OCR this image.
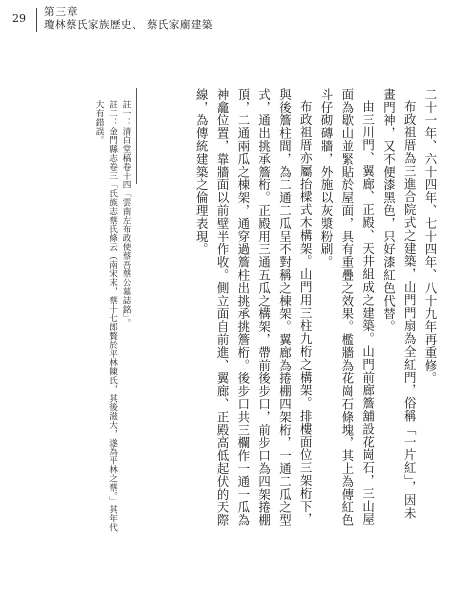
29	第三章
瓊林蔡氏家族歷史、 蔡氏家廟建築

二十一年、六十四年、七十四年、八十九年再重修。

布政祖厝為三進合院式之建築，山門門扇為全紅門，俗稱「一片紅」，因未畫門神，又不便漆黑色，只好漆紅色代替。

由三川門、翼廊、正殿、天井組成之建築。山門前廊簷舖設花崗石，三山屋面為歇山並緊貼於屋面，具有重疊之效果。檻牆為花崗石條塊，其上為傳紅色斗仔砌磚牆，外施以灰漿粉刷。

布政祖厝亦屬抬樑式木構架。山門用三柱九桁之構架。排樓面位三架桁下，與後簷柱間，為二通二瓜呈不對稱之棟架。翼廊為捲棚四架桁，一通二瓜之型式，通出挑承簷桁。正殿用三通五瓜之構架，帶前後步口，前步口為四架捲棚頂，二通兩瓜之棟架，通穿過簷柱出挑承挑簷桁。後步口共三欄作一通一瓜為神龕位置，靠牆面以前壁半作收。側立面自前進、翼廊、正殿高低起伏的天際線，為傳統建築之倫理表現。

註一：清白堂稿卷十四「雲南左布政使蔡吾蔡公墓誌銘」。

註二：金門縣志卷三「氏族志蔡氏條云（南宋末，蔡十七郎贅於平林陳氏，其後滋大，遂為平林之蔡。」其年代大有錯誤。
